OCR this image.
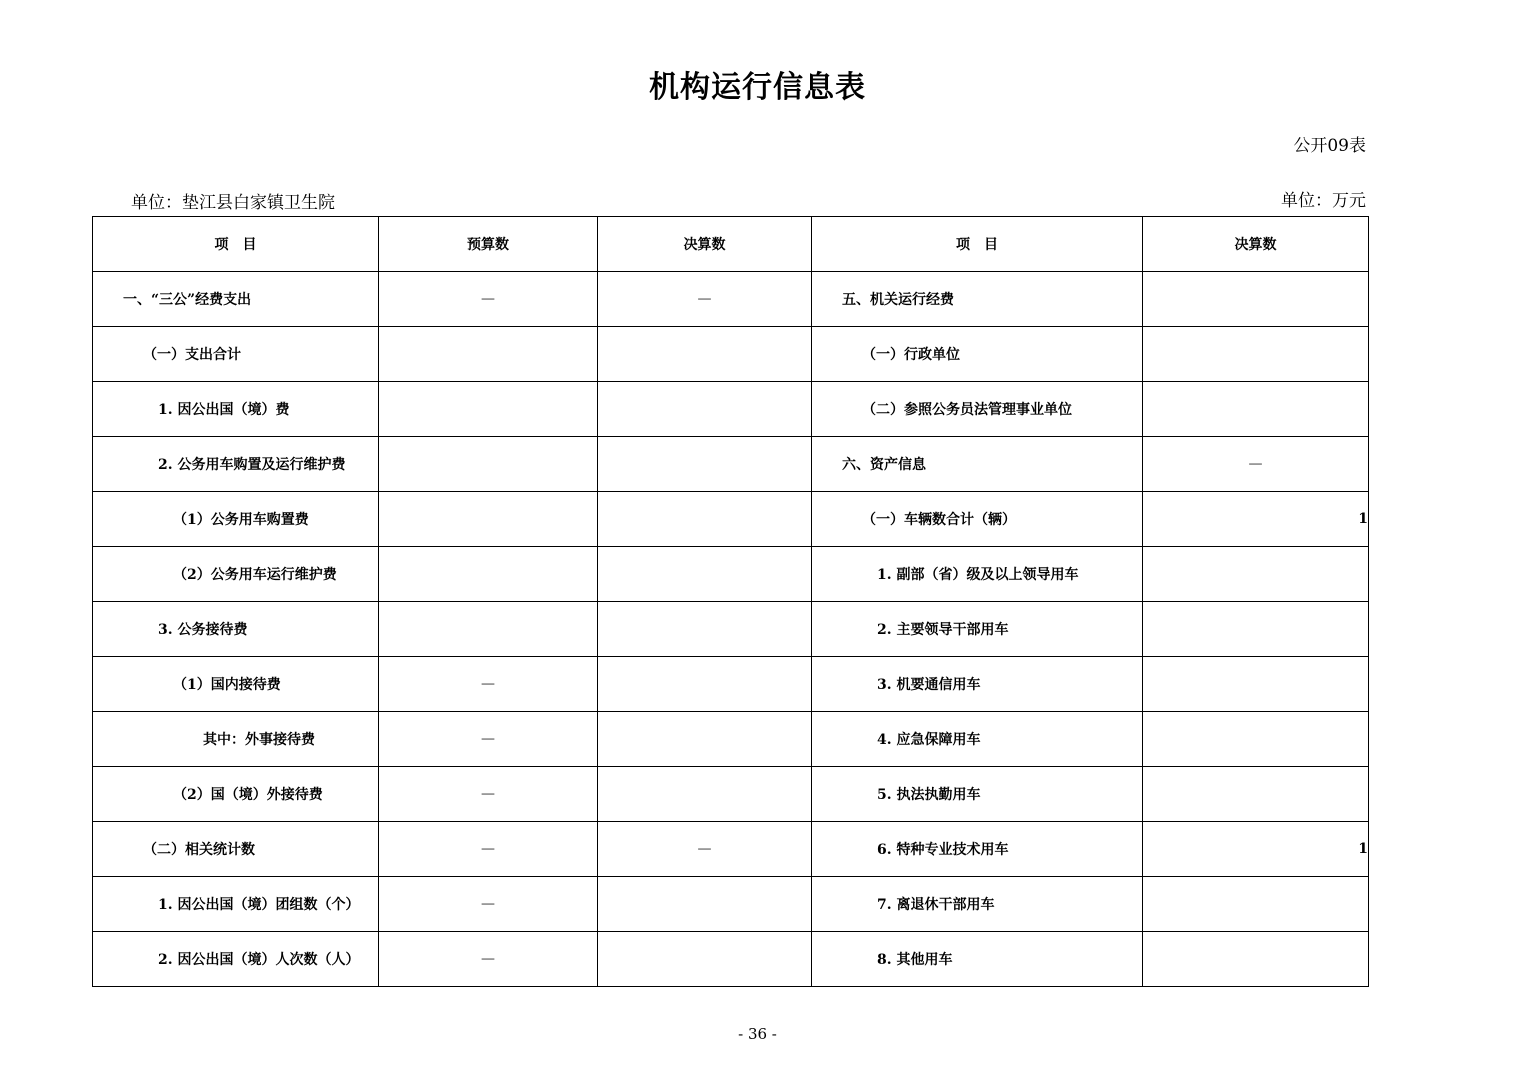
机构运行信息表
公开09表
单位：垫江县白家镇卫生院	单位：万元
项　目	预算数	决算数	项　目	决算数
一、“三公”经费支出	—	—	五、机关运行经费	
（一）支出合计			（一）行政单位	
1. 因公出国（境）费			（二）参照公务员法管理事业单位	
2. 公务用车购置及运行维护费			六、资产信息	—
（1）公务用车购置费			（一）车辆数合计（辆）	1
（2）公务用车运行维护费			1. 副部（省）级及以上领导用车	
3. 公务接待费			2. 主要领导干部用车	
（1）国内接待费	—		3. 机要通信用车	
其中：外事接待费	—		4. 应急保障用车	
（2）国（境）外接待费	—		5. 执法执勤用车	
（二）相关统计数	—	—	6. 特种专业技术用车	1
1. 因公出国（境）团组数（个）	—		7. 离退休干部用车	
2. 因公出国（境）人次数（人）	—		8. 其他用车	
- 36 -
